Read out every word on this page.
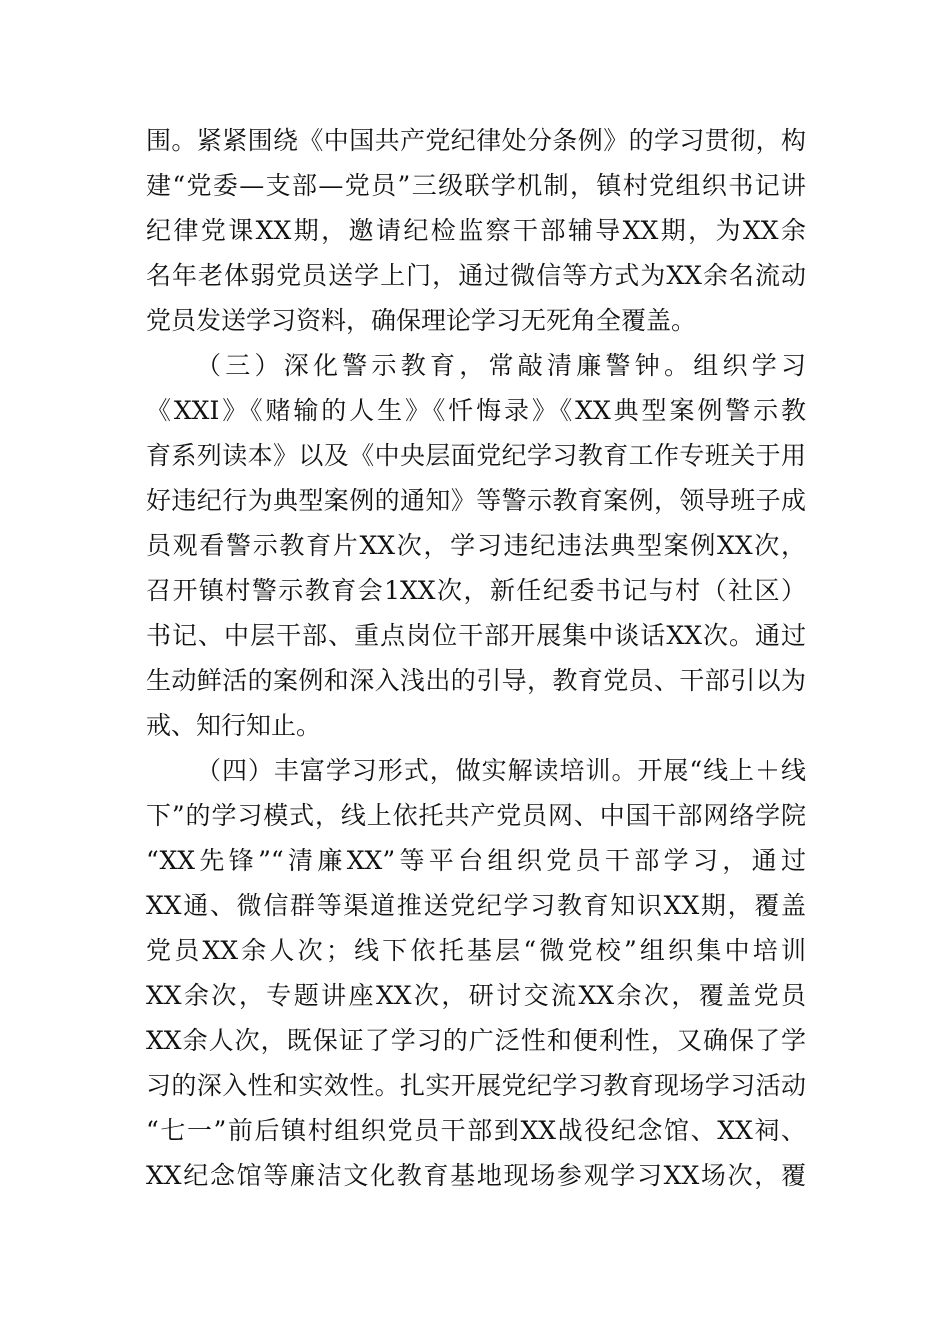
围。紧紧围绕《中国共产党纪律处分条例》的学习贯彻，构
建“党委—支部—党员”三级联学机制，镇村党组织书记讲
纪律党课XX期，邀请纪检监察干部辅导XX期，为XX余
名年老体弱党员送学上门，通过微信等方式为XX余名流动
党员发送学习资料，确保理论学习无死角全覆盖。
（三）深化警示教育，常敲清廉警钟。组织学习
《XXI》《赌输的人生》《忏悔录》《XX典型案例警示教
育系列读本》以及《中央层面党纪学习教育工作专班关于用
好违纪行为典型案例的通知》等警示教育案例，领导班子成
员观看警示教育片XX次，学习违纪违法典型案例XX次，
召开镇村警示教育会1XX次，新任纪委书记与村（社区）
书记、中层干部、重点岗位干部开展集中谈话XX次。通过
生动鲜活的案例和深入浅出的引导，教育党员、干部引以为
戒、知行知止。
（四）丰富学习形式，做实解读培训。开展“线上＋线
下”的学习模式，线上依托共产党员网、中国干部网络学院
“XX先锋”“清廉XX”等平台组织党员干部学习，通过
XX通、微信群等渠道推送党纪学习教育知识XX期，覆盖
党员XX余人次；线下依托基层“微党校”组织集中培训
XX余次，专题讲座XX次，研讨交流XX余次，覆盖党员
XX余人次，既保证了学习的广泛性和便利性，又确保了学
习的深入性和实效性。扎实开展党纪学习教育现场学习活动
“七一”前后镇村组织党员干部到XX战役纪念馆、XX祠、
XX纪念馆等廉洁文化教育基地现场参观学习XX场次，覆
